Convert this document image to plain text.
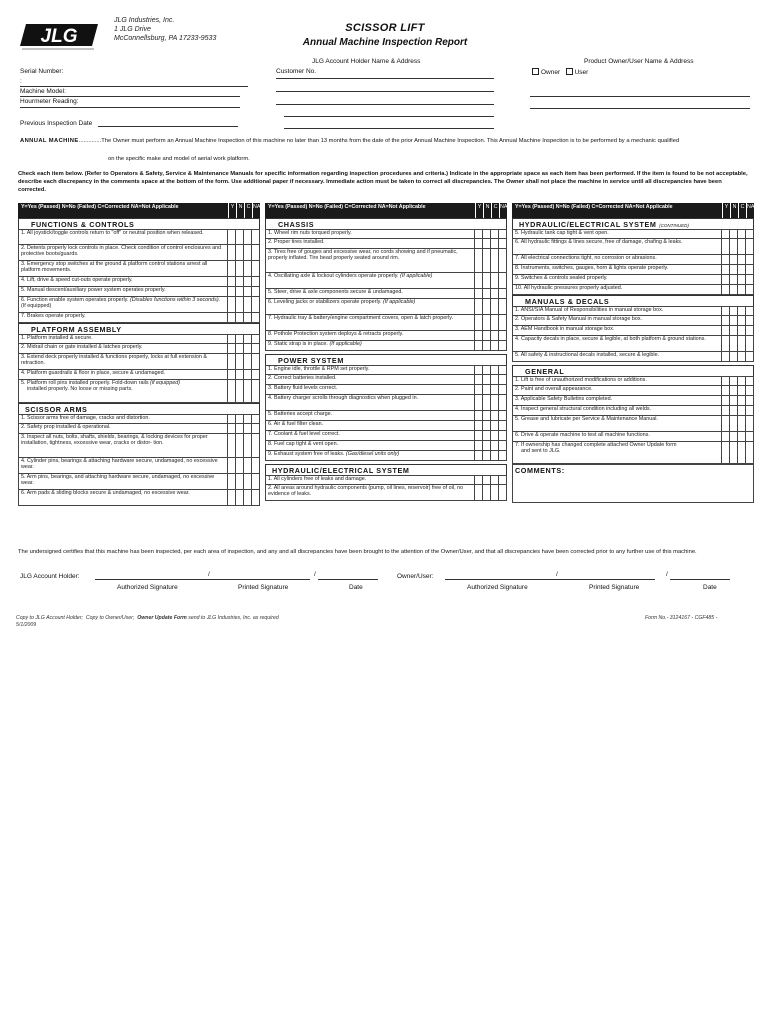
JLG
JLG Industries, Inc.
1 JLG Drive
McConnellsburg, PA 17233-9533
SCISSOR LIFT
Annual Machine Inspection Report
JLG Account Holder Name & Address	Product Owner/User Name & Address
Serial Number:
:
Customer No.	Owner User
Machine Model:
Hourmeter Reading:
Previous Inspection Date
ANNUAL MACHINE..............The Owner must perform an Annual Machine Inspection of this machine no later than 13 months from the date of the prior Annual Machine Inspection. This Annual Machine Inspection is to be performed by a mechanic qualified
on the specific make and model of aerial work platform.
Check each item below. (Refer to Operators & Safety, Service & Maintenance Manuals for specific information regarding inspection procedures and criteria.) Indicate in the appropriate space as each item has been performed. If the item is found to be not acceptable, describe each discrepancy in the comments space at the bottom of the form. Use additional paper if necessary. Immediate action must be taken to correct all discrepancies. The Owner shall not place the machine in service until all discrepancies have been corrected.
Y=Yes (Passed) N=No (Failed) C=Corrected NA=Not Applicable	Y N C NA
FUNCTIONS & CONTROLS
1. All joystick/toggle controls return to "off" or neutral position when released.
2. Detents properly lock controls in place. Check condition of control enclosures and protective boots/guards.
3. Emergency stop switches at the ground & platform control stations arrest all platform movements.
4. Lift, drive & speed cut-outs operate properly.
5. Manual descent/auxiliary power system operates properly.
6. Function enable system operates properly. (Disables functions within 3 seconds). (If equipped)
7. Brakes operate properly.
PLATFORM ASSEMBLY
1. Platform installed & secure.
2. Midrail chain or gate installed & latches properly.
3. Extend deck properly installed & functions properly, locks at full extension & retraction.
4. Platform guardrails & floor in place, secure & undamaged.
5. Platform roll pins installed properly. Fold-down rails (if equipped)
installed properly. No loose or missing parts.
SCISSOR ARMS
1. Scissor arms free of damage, cracks and distortion.
2. Safety prop installed & operational.
3. Inspect all nuts, bolts, shafts, shields, bearings, & locking devices for proper installation, tightness, excessive wear, cracks or distor- tion.
4. Cylinder pins, bearings & attaching hardware secure, undamaged, no excessive wear.
5. Arm pins, bearings, and attaching hardware secure, undamaged, no excessive wear.
6. Arm pads & sliding blocks secure & undamaged, no excessive wear.
Y=Yes (Passed) N=No (Failed) C=Corrected NA=Not Applicable	Y N C NA
CHASSIS
1. Wheel rim nuts torqued properly.
2. Proper tires installed.
3. Tires free of gouges and excessive wear, no cords showing and if pneumatic, properly inflated. Tire bead properly seated around rim.
4. Oscillating axle & lockout cylinders operate properly. (If applicable)
5. Steer, drive & axle components secure & undamaged.
6. Leveling jacks or stabilizers operate properly. (If applicable)
7. Hydraulic tray & battery/engine compartment covers, open & latch properly.
8. Pothole Protection system deploys & retracts properly.
9. Static strap is in place. (If applicable)
POWER SYSTEM
1. Engine idle, throttle & RPM set properly.
2. Correct batteries installed.
3. Battery fluid levels correct.
4. Battery charger scrolls through diagnostics when plugged in.
5. Batteries accept charge.
6. Air & fuel filter clean.
7. Coolant & fuel level correct.
8. Fuel cap tight & vent open.
9. Exhaust system free of leaks. (Gas/diesel units only)
HYDRAULIC/ELECTRICAL SYSTEM
1. All cylinders free of leaks and damage.
2. All areas around hydraulic components (pump, oil lines, reservoir) free of oil, no evidence of leaks.
Y=Yes (Passed) N=No (Failed) C=Corrected NA=Not Applicable	Y N C NA
HYDRAULIC/ELECTRICAL SYSTEM (CONTINUED)
5. Hydraulic tank cap tight & vent open.
6. All hydraulic fittings & lines secure, free of damage, chafing & leaks.
7. All electrical connections tight, no corrosion or abrasions.
8. Instruments, switches, gauges, horn & lights operate properly.
9. Switches & controls sealed properly.
10. All hydraulic pressures properly adjusted.
MANUALS & DECALS
1. ANSI/SIA Manual of Responsibilities in manual storage box.
2. Operators & Safety Manual in manual storage box.
3. AEM Handbook in manual storage box.
4. Capacity decals in place, secure & legible, at both platform & ground stations.
5. All safety & instructional decals installed, secure & legible.
GENERAL
1. Lift is free of unauthorized modifications or additions.
2. Paint and overall appearance.
3. Applicable Safety Bulletins completed.
4. Inspect general structural condition including all welds.
5. Grease and lubricate per Service & Maintenance Manual.
6. Drive & operate machine to test all machine functions.
7. If ownership has changed complete attached Owner Update form
and sent to JLG.
COMMENTS:
The undersigned certifies that this machine has been inspected, per each area of inspection, and any and all discrepancies have been brought to the attention of the Owner/User, and that all discrepancies have been corrected prior to any further use of this machine.
JLG Account Holder:	/	/	Owner/User:	/	/
Authorized Signature	Printed Signature	Date	Authorized Signature	Printed Signature	Date
Copy to JLG Account Holder; Copy to Owner/User; Owner Update Form send to JLG Industries, Inc. as required
5/1/2009
Form No.- 3124167 - CGF485 -
